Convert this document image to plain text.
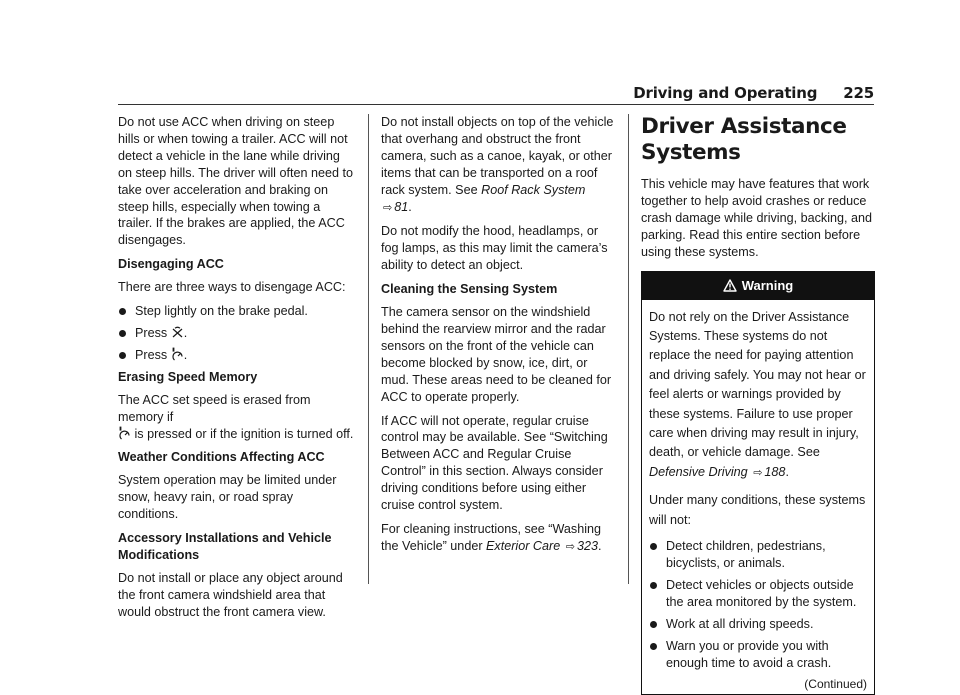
Driving and Operating 225

Do not use ACC when driving on steep hills or when towing a trailer. ACC will not detect a vehicle in the lane while driving on steep hills. The driver will often need to take over acceleration and braking on steep hills, especially when towing a trailer. If the brakes are applied, the ACC disengages.

Disengaging ACC

There are three ways to disengage ACC:

Step lightly on the brake pedal.
Press .
Press .

Erasing Speed Memory

The ACC set speed is erased from memory if

is pressed or if the ignition is turned off.

Weather Conditions Affecting ACC

System operation may be limited under snow, heavy rain, or road spray conditions.

Accessory Installations and Vehicle Modifications

Do not install or place any object around the front camera windshield area that would obstruct the front camera view.

Do not install objects on top of the vehicle that overhang and obstruct the front camera, such as a canoe, kayak, or other items that can be transported on a roof rack system. See Roof Rack System ⇨ 81.

Do not modify the hood, headlamps, or fog lamps, as this may limit the camera’s ability to detect an object.

Cleaning the Sensing System

The camera sensor on the windshield behind the rearview mirror and the radar sensors on the front of the vehicle can become blocked by snow, ice, dirt, or mud. These areas need to be cleaned for ACC to operate properly.

If ACC will not operate, regular cruise control may be available. See “Switching Between ACC and Regular Cruise Control” in this section. Always consider driving conditions before using either cruise control system.

For cleaning instructions, see “Washing the Vehicle” under Exterior Care ⇨ 323.

Driver Assistance Systems

This vehicle may have features that work together to help avoid crashes or reduce crash damage while driving, backing, and parking. Read this entire section before using these systems.

Warning

Do not rely on the Driver Assistance Systems. These systems do not replace the need for paying attention and driving safely. You may not hear or feel alerts or warnings provided by these systems. Failure to use proper care when driving may result in injury, death, or vehicle damage. See Defensive Driving ⇨ 188.

Under many conditions, these systems will not:

Detect children, pedestrians, bicyclists, or animals.
Detect vehicles or objects outside the area monitored by the system.
Work at all driving speeds.
Warn you or provide you with enough time to avoid a crash.
(Continued)
